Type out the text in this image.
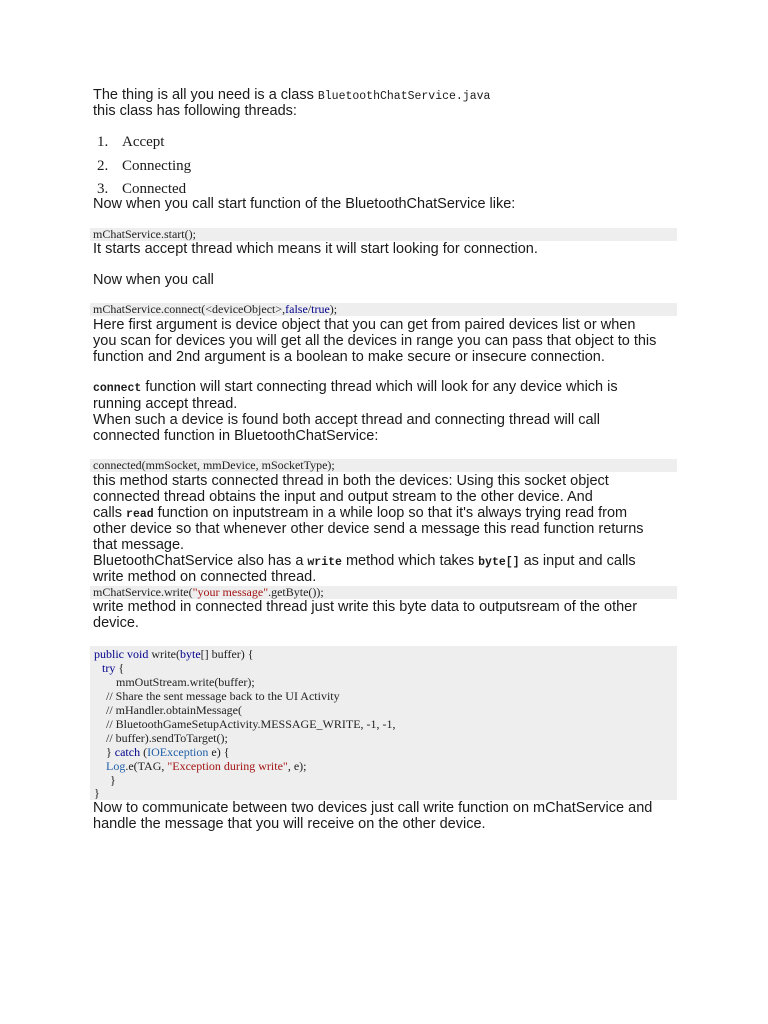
The thing is all you need is a class BluetoothChatService.java
this class has following threads:
1. Accept
2. Connecting
3. Connected
Now when you call start function of the BluetoothChatService like:
mChatService.start();
It starts accept thread which means it will start looking for connection.
Now when you call
mChatService.connect(<deviceObject>,false/true);
Here first argument is device object that you can get from paired devices list or when
you scan for devices you will get all the devices in range you can pass that object to this
function and 2nd argument is a boolean to make secure or insecure connection.
connect function will start connecting thread which will look for any device which is
running accept thread.
When such a device is found both accept thread and connecting thread will call
connected function in BluetoothChatService:
connected(mmSocket, mmDevice, mSocketType);
this method starts connected thread in both the devices: Using this socket object
connected thread obtains the input and output stream to the other device. And
calls read function on inputstream in a while loop so that it's always trying read from
other device so that whenever other device send a message this read function returns
that message.
BluetoothChatService also has a write method which takes byte[] as input and calls
write method on connected thread.
mChatService.write("your message".getByte());
write method in connected thread just write this byte data to outputsream of the other
device.
public void write(byte[] buffer) {
try {
mmOutStream.write(buffer);
// Share the sent message back to the UI Activity
// mHandler.obtainMessage(
// BluetoothGameSetupActivity.MESSAGE_WRITE, -1, -1,
// buffer).sendToTarget();
} catch (IOException e) {
Log.e(TAG, "Exception during write", e);
}
}
Now to communicate between two devices just call write function on mChatService and
handle the message that you will receive on the other device.
